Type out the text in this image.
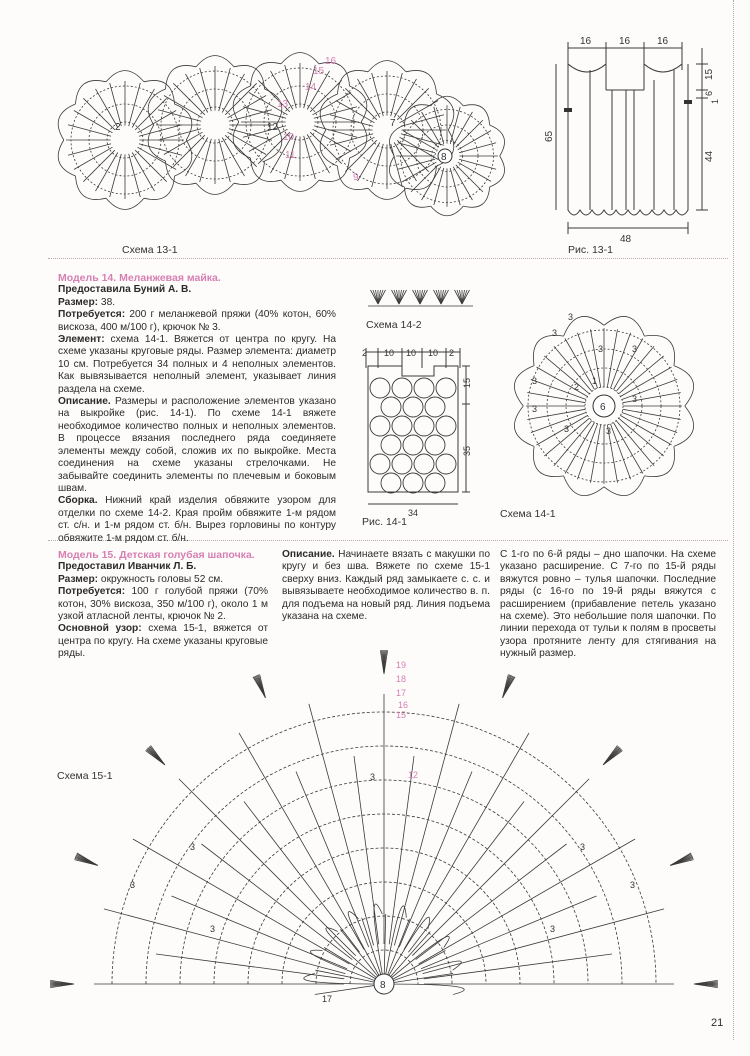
13
14
12
2
10
11
15
16
7
8
9
Схема 13-1
16	16	16
15
6
1
44
65
48
Рис. 13-1

Модель 14. Меланжевая майка.

Предоставила Буний А. В.

Размер: 38.

Потребуется: 200 г меланжевой пряжи (40% котон, 60% вискоза, 400 м/100 г), крючок № 3.

Элемент: схема 14-1. Вяжется от центра по кругу. На схеме указаны круговые ряды. Размер элемента: диаметр 10 см. Потребуется 34 полных и 4 неполных элементов. Как вывязывается неполный элемент, указывает линия раздела на схеме.

Описание. Размеры и расположение элементов указано на выкройке (рис. 14-1). По схеме 14-1 вяжете необходимое количество полных и неполных элементов. В процессе вязания последнего ряда соединяете элементы между собой, сложив их по выкройке. Места соединения на схеме указаны стрелочками. Не забывайте соединить элементы по плечевым и боковым швам.

Сборка. Нижний край изделия обвяжите узором для отделки по схеме 14-2. Края пройм обвяжите 1-м рядом ст. с/н. и 1-м рядом ст. б/н. Вырез горловины по контуру обвяжите 1-м рядом ст. б/н.

Схема 14-2
2 10 10 10 2
15
35
34
Рис. 14-1
6
1
2
3
3
3	3
3
3
3	3
3
Схема 14-1

Модель 15. Детская голубая шапочка.

Предоставил Иванчик Л. Б.

Размер: окружность головы 52 см.

Потребуется: 100 г голубой пряжи (70% котон, 30% вискоза, 350 м/100 г), около 1 м узкой атласной ленты, крючок № 2.

Основной узор: схема 15-1, вяжется от центра по кругу. На схеме указаны круговые ряды.

Описание. Начинаете вязать с макушки по кругу и без шва. Вяжете по схеме 15-1 сверху вниз. Каждый ряд замыкаете с. с. и вывязываете необходимое количество в. п. для подъема на новый ряд. Линия подъема указана на схеме.

С 1-го по 6-й ряды – дно шапочки. На схеме указано расширение. С 7-го по 15-й ряды вяжутся ровно – тулья шапочки. Последние ряды (с 16-го по 19-й ряды вяжутся с расширением (прибавление петель указано на схеме). Это небольшие поля шапочки. По линии перехода от тульи к полям в просветы узора протяните ленту для стягивания на нужный размер.

Схема 15-1
8
19
18
17
16
15
12
3
3
3
3
3
3
3
17
21
